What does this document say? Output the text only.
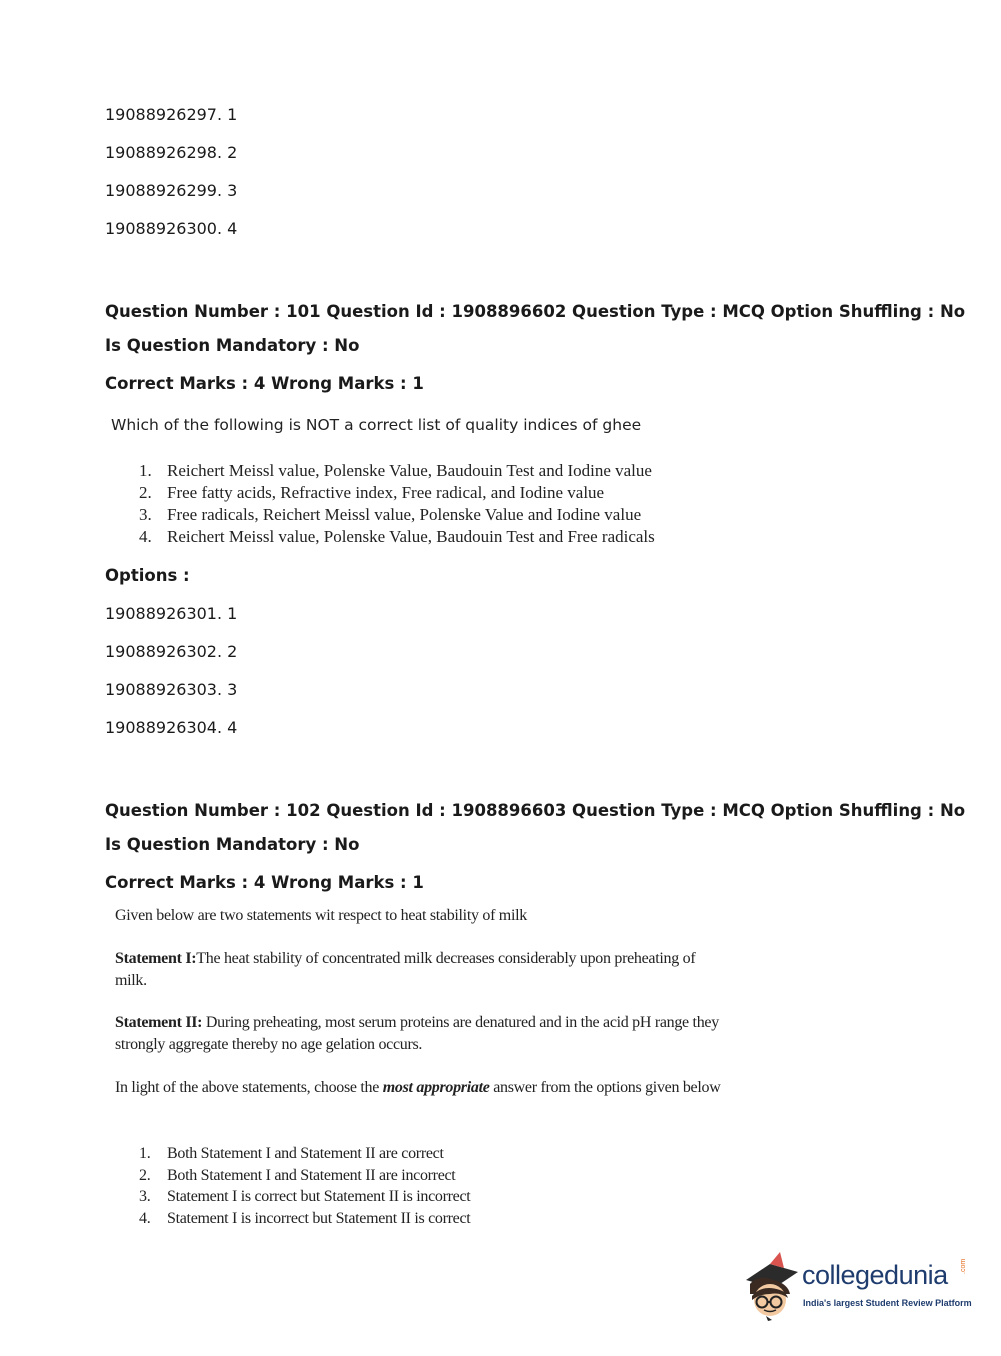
19088926297. 1
19088926298. 2
19088926299. 3
19088926300. 4
Question Number : 101 Question Id : 1908896602 Question Type : MCQ Option Shuffling : No
Is Question Mandatory : No
Correct Marks : 4 Wrong Marks : 1
Which of the following is NOT a correct list of quality indices of ghee
1. Reichert Meissl value, Polenske Value, Baudouin Test and Iodine value
2. Free fatty acids, Refractive index, Free radical, and Iodine value
3. Free radicals, Reichert Meissl value, Polenske Value and Iodine value
4. Reichert Meissl value, Polenske Value, Baudouin Test and Free radicals
Options :
19088926301. 1
19088926302. 2
19088926303. 3
19088926304. 4
Question Number : 102 Question Id : 1908896603 Question Type : MCQ Option Shuffling : No
Is Question Mandatory : No
Correct Marks : 4 Wrong Marks : 1
Given below are two statements wit respect to heat stability of milk
Statement I:The heat stability of concentrated milk decreases considerably upon preheating of milk.
Statement II: During preheating, most serum proteins are denatured and in the acid pH range they strongly aggregate thereby no age gelation occurs.
In light of the above statements, choose the most appropriate answer from the options given below
1.	Both Statement I and Statement II are correct
2.	Both Statement I and Statement II are incorrect
3.	Statement I is correct but Statement II is incorrect
4.	Statement I is incorrect but Statement II is correct
collegedunia .com
India's largest Student Review Platform
